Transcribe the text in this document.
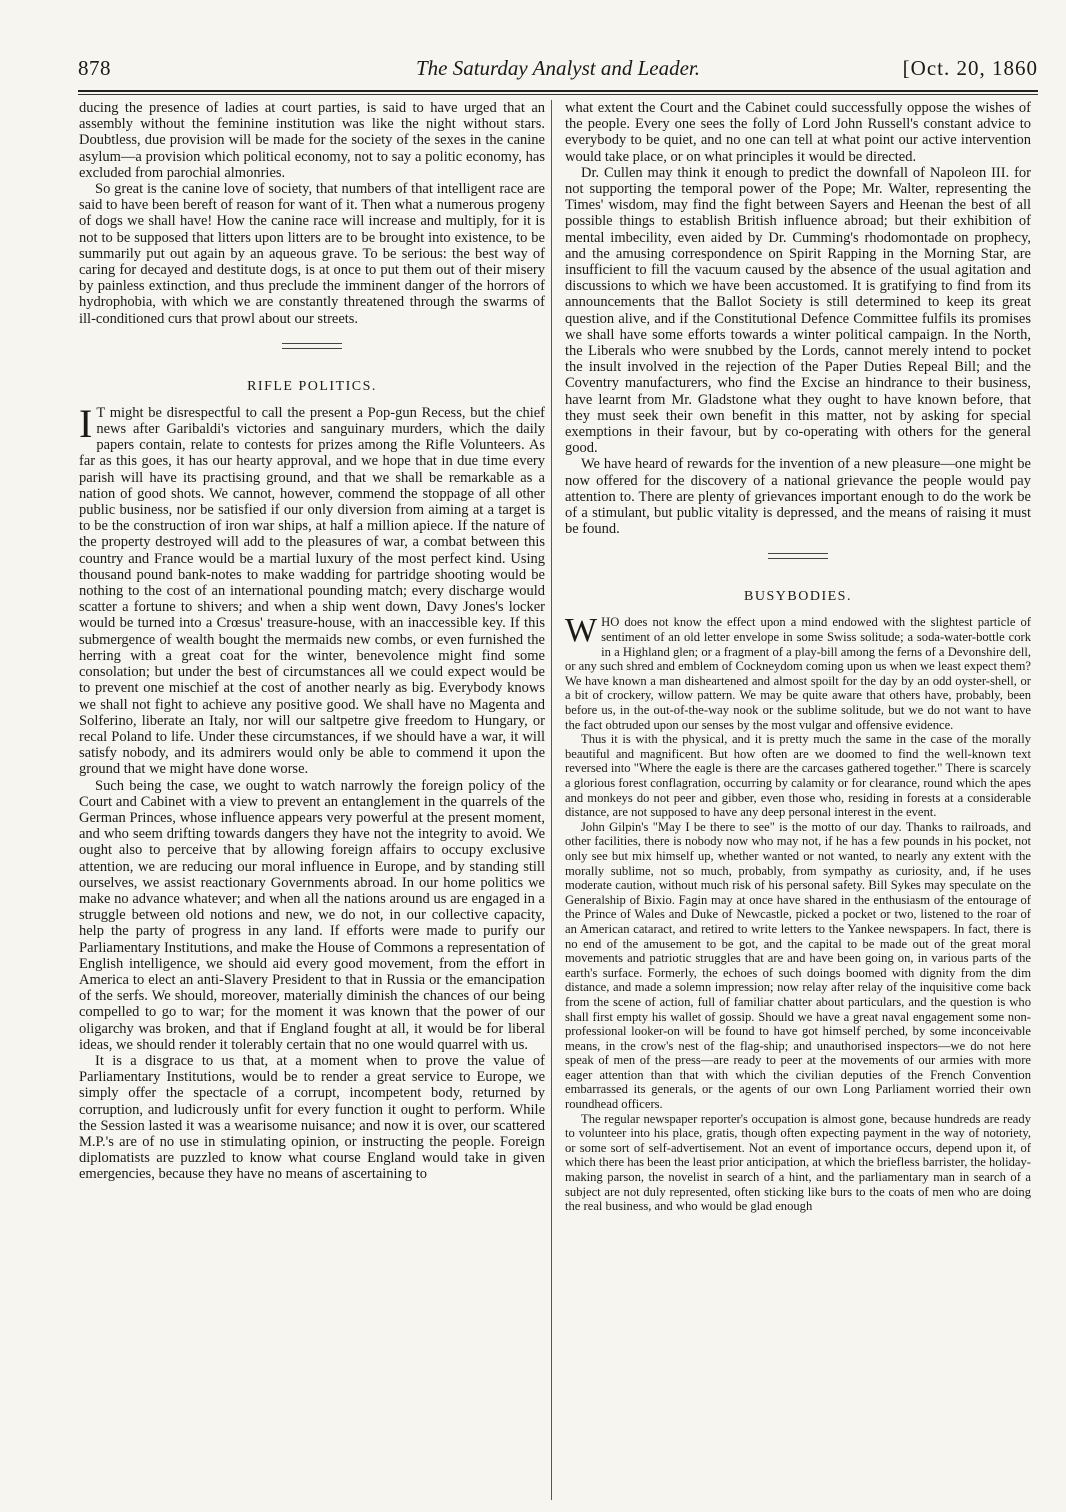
878	The Saturday Analyst and Leader.	[Oct. 20, 1860

ducing the presence of ladies at court parties, is said to have urged that an assembly without the feminine institution was like the night without stars. Doubtless, due provision will be made for the society of the sexes in the canine asylum—a provision which political economy, not to say a politic economy, has excluded from parochial almonries.

So great is the canine love of society, that numbers of that intelligent race are said to have been bereft of reason for want of it. Then what a numerous progeny of dogs we shall have! How the canine race will increase and multiply, for it is not to be supposed that litters upon litters are to be brought into existence, to be summarily put out again by an aqueous grave. To be serious: the best way of caring for decayed and destitute dogs, is at once to put them out of their misery by painless extinction, and thus preclude the imminent danger of the horrors of hydrophobia, with which we are constantly threatened through the swarms of ill-conditioned curs that prowl about our streets.

RIFLE POLITICS.

I T might be disrespectful to call the present a Pop-gun Recess, but the chief news after Garibaldi's victories and sanguinary murders, which the daily papers contain, relate to contests for prizes among the Rifle Volunteers. As far as this goes, it has our hearty approval, and we hope that in due time every parish will have its practising ground, and that we shall be remarkable as a nation of good shots. We cannot, however, commend the stoppage of all other public business, nor be satisfied if our only diversion from aiming at a target is to be the construction of iron war ships, at half a million apiece. If the nature of the property destroyed will add to the pleasures of war, a combat between this country and France would be a martial luxury of the most perfect kind. Using thousand pound bank-notes to make wadding for partridge shooting would be nothing to the cost of an international pounding match; every discharge would scatter a fortune to shivers; and when a ship went down, Davy Jones's locker would be turned into a Crœsus' treasure-house, with an inaccessible key. If this submergence of wealth bought the mermaids new combs, or even furnished the herring with a great coat for the winter, benevolence might find some consolation; but under the best of circumstances all we could expect would be to prevent one mischief at the cost of another nearly as big. Everybody knows we shall not fight to achieve any positive good. We shall have no Magenta and Solferino, liberate an Italy, nor will our saltpetre give freedom to Hungary, or recal Poland to life. Under these circumstances, if we should have a war, it will satisfy nobody, and its admirers would only be able to commend it upon the ground that we might have done worse.

Such being the case, we ought to watch narrowly the foreign policy of the Court and Cabinet with a view to prevent an entanglement in the quarrels of the German Princes, whose influence appears very powerful at the present moment, and who seem drifting towards dangers they have not the integrity to avoid. We ought also to perceive that by allowing foreign affairs to occupy exclusive attention, we are reducing our moral influence in Europe, and by standing still ourselves, we assist reactionary Governments abroad. In our home politics we make no advance whatever; and when all the nations around us are engaged in a struggle between old notions and new, we do not, in our collective capacity, help the party of progress in any land. If efforts were made to purify our Parliamentary Institutions, and make the House of Commons a representation of English intelligence, we should aid every good movement, from the effort in America to elect an anti-Slavery President to that in Russia or the emancipation of the serfs. We should, moreover, materially diminish the chances of our being compelled to go to war; for the moment it was known that the power of our oligarchy was broken, and that if England fought at all, it would be for liberal ideas, we should render it tolerably certain that no one would quarrel with us.

It is a disgrace to us that, at a moment when to prove the value of Parliamentary Institutions, would be to render a great service to Europe, we simply offer the spectacle of a corrupt, incompetent body, returned by corruption, and ludicrously unfit for every function it ought to perform. While the Session lasted it was a wearisome nuisance; and now it is over, our scattered M.P.'s are of no use in stimulating opinion, or instructing the people. Foreign diplomatists are puzzled to know what course England would take in given emergencies, because they have no means of ascertaining to

what extent the Court and the Cabinet could successfully oppose the wishes of the people. Every one sees the folly of Lord John Russell's constant advice to everybody to be quiet, and no one can tell at what point our active intervention would take place, or on what principles it would be directed.

Dr. Cullen may think it enough to predict the downfall of Napoleon III. for not supporting the temporal power of the Pope; Mr. Walter, representing the Times' wisdom, may find the fight between Sayers and Heenan the best of all possible things to establish British influence abroad; but their exhibition of mental imbecility, even aided by Dr. Cumming's rhodomontade on prophecy, and the amusing correspondence on Spirit Rapping in the Morning Star, are insufficient to fill the vacuum caused by the absence of the usual agitation and discussions to which we have been accustomed. It is gratifying to find from its announcements that the Ballot Society is still determined to keep its great question alive, and if the Constitutional Defence Committee fulfils its promises we shall have some efforts towards a winter political campaign. In the North, the Liberals who were snubbed by the Lords, cannot merely intend to pocket the insult involved in the rejection of the Paper Duties Repeal Bill; and the Coventry manufacturers, who find the Excise an hindrance to their business, have learnt from Mr. Gladstone what they ought to have known before, that they must seek their own benefit in this matter, not by asking for special exemptions in their favour, but by co-operating with others for the general good.

We have heard of rewards for the invention of a new pleasure—one might be now offered for the discovery of a national grievance the people would pay attention to. There are plenty of grievances important enough to do the work be of a stimulant, but public vitality is depressed, and the means of raising it must be found.

BUSYBODIES.

WHO does not know the effect upon a mind endowed with the slightest particle of sentiment of an old letter envelope in some Swiss solitude; a soda-water-bottle cork in a Highland glen; or a fragment of a play-bill among the ferns of a Devonshire dell, or any such shred and emblem of Cockneydom coming upon us when we least expect them? We have known a man disheartened and almost spoilt for the day by an odd oyster-shell, or a bit of crockery, willow pattern. We may be quite aware that others have, probably, been before us, in the out-of-the-way nook or the sublime solitude, but we do not want to have the fact obtruded upon our senses by the most vulgar and offensive evidence.

Thus it is with the physical, and it is pretty much the same in the case of the morally beautiful and magnificent. But how often are we doomed to find the well-known text reversed into "Where the eagle is there are the carcases gathered together." There is scarcely a glorious forest conflagration, occurring by calamity or for clearance, round which the apes and monkeys do not peer and gibber, even those who, residing in forests at a considerable distance, are not supposed to have any deep personal interest in the event.

John Gilpin's "May I be there to see" is the motto of our day. Thanks to railroads, and other facilities, there is nobody now who may not, if he has a few pounds in his pocket, not only see but mix himself up, whether wanted or not wanted, to nearly any extent with the morally sublime, not so much, probably, from sympathy as curiosity, and, if he uses moderate caution, without much risk of his personal safety. Bill Sykes may speculate on the Generalship of Bixio. Fagin may at once have shared in the enthusiasm of the entourage of the Prince of Wales and Duke of Newcastle, picked a pocket or two, listened to the roar of an American cataract, and retired to write letters to the Yankee newspapers. In fact, there is no end of the amusement to be got, and the capital to be made out of the great moral movements and patriotic struggles that are and have been going on, in various parts of the earth's surface. Formerly, the echoes of such doings boomed with dignity from the dim distance, and made a solemn impression; now relay after relay of the inquisitive come back from the scene of action, full of familiar chatter about particulars, and the question is who shall first empty his wallet of gossip. Should we have a great naval engagement some non-professional looker-on will be found to have got himself perched, by some inconceivable means, in the crow's nest of the flag-ship; and unauthorised inspectors—we do not here speak of men of the press—are ready to peer at the movements of our armies with more eager attention than that with which the civilian deputies of the French Convention embarrassed its generals, or the agents of our own Long Parliament worried their own roundhead officers.

The regular newspaper reporter's occupation is almost gone, because hundreds are ready to volunteer into his place, gratis, though often expecting payment in the way of notoriety, or some sort of self-advertisement. Not an event of importance occurs, depend upon it, of which there has been the least prior anticipation, at which the briefless barrister, the holiday-making parson, the novelist in search of a hint, and the parliamentary man in search of a subject are not duly represented, often sticking like burs to the coats of men who are doing the real business, and who would be glad enough
